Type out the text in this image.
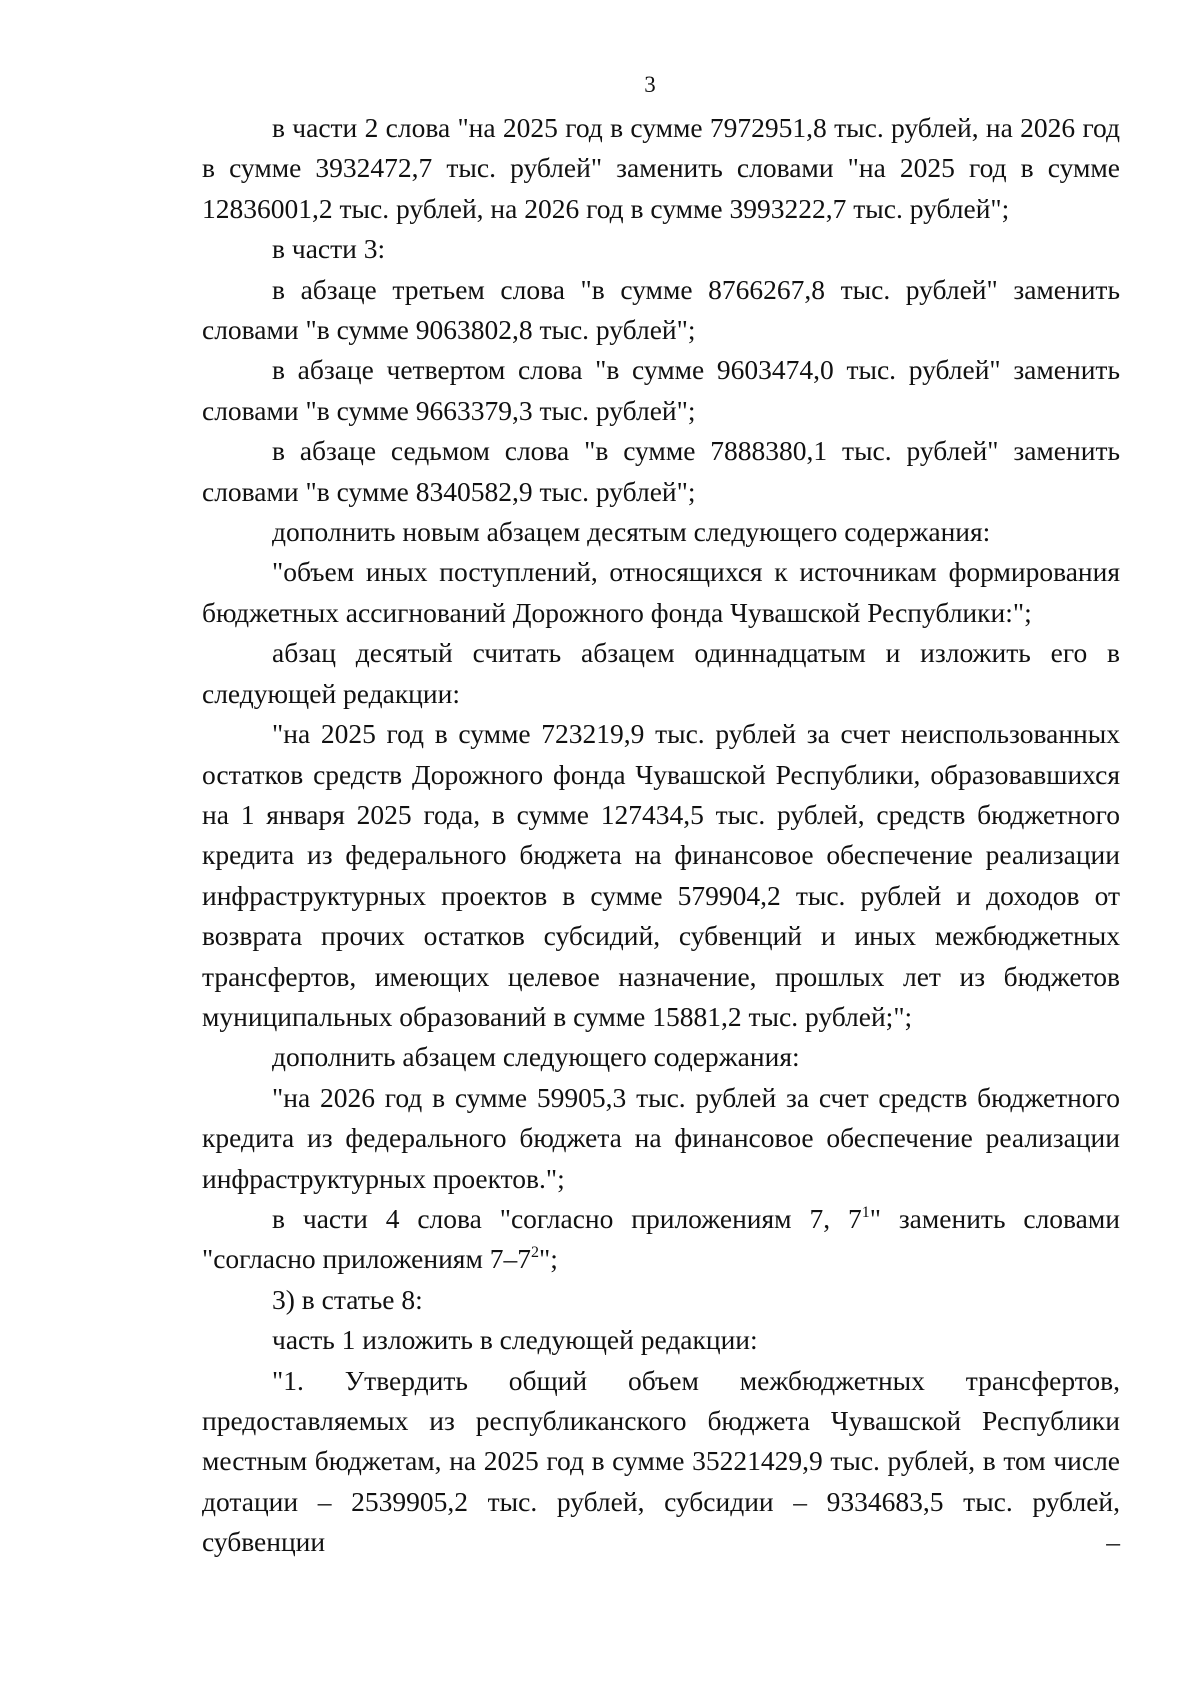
3

в части 2 слова "на 2025 год в сумме 7972951,8 тыс. рублей, на 2026 год в сумме 3932472,7 тыс. рублей" заменить словами "на 2025 год в сумме 12836001,2 тыс. рублей, на 2026 год в сумме 3993222,7 тыс. рублей";

в части 3:

в абзаце третьем слова "в сумме 8766267,8 тыс. рублей" заменить словами "в сумме 9063802,8 тыс. рублей";

в абзаце четвертом слова "в сумме 9603474,0 тыс. рублей" заменить словами "в сумме 9663379,3 тыс. рублей";

в абзаце седьмом слова "в сумме 7888380,1 тыс. рублей" заменить словами "в сумме 8340582,9 тыс. рублей";

дополнить новым абзацем десятым следующего содержания:

"объем иных поступлений, относящихся к источникам формирования бюджетных ассигнований Дорожного фонда Чувашской Республики:";

абзац десятый считать абзацем одиннадцатым и изложить его в следующей редакции:

"на 2025 год в сумме 723219,9 тыс. рублей за счет неиспользованных остатков средств Дорожного фонда Чувашской Республики, образовавшихся на 1 января 2025 года, в сумме 127434,5 тыс. рублей, средств бюджетного кредита из федерального бюджета на финансовое обеспечение реализации инфраструктурных проектов в сумме 579904,2 тыс. рублей и доходов от возврата прочих остатков субсидий, субвенций и иных межбюджетных трансфертов, имеющих целевое назначение, прошлых лет из бюджетов муниципальных образований в сумме 15881,2 тыс. рублей;";

дополнить абзацем следующего содержания:

"на 2026 год в сумме 59905,3 тыс. рублей за счет средств бюджетного кредита из федерального бюджета на финансовое обеспечение реализации инфраструктурных проектов.";

в части 4 слова "согласно приложениям 7, $7^1$" заменить словами "согласно приложениям $7-7^2$";

3) в статье 8:

часть 1 изложить в следующей редакции:

"1. Утвердить общий объем межбюджетных трансфертов, предоставляемых из республиканского бюджета Чувашской Республики местным бюджетам, на 2025 год в сумме 35221429,9 тыс. рублей, в том числе дотации – 2539905,2 тыс. рублей, субсидии – 9334683,5 тыс. рублей, субвенции –
